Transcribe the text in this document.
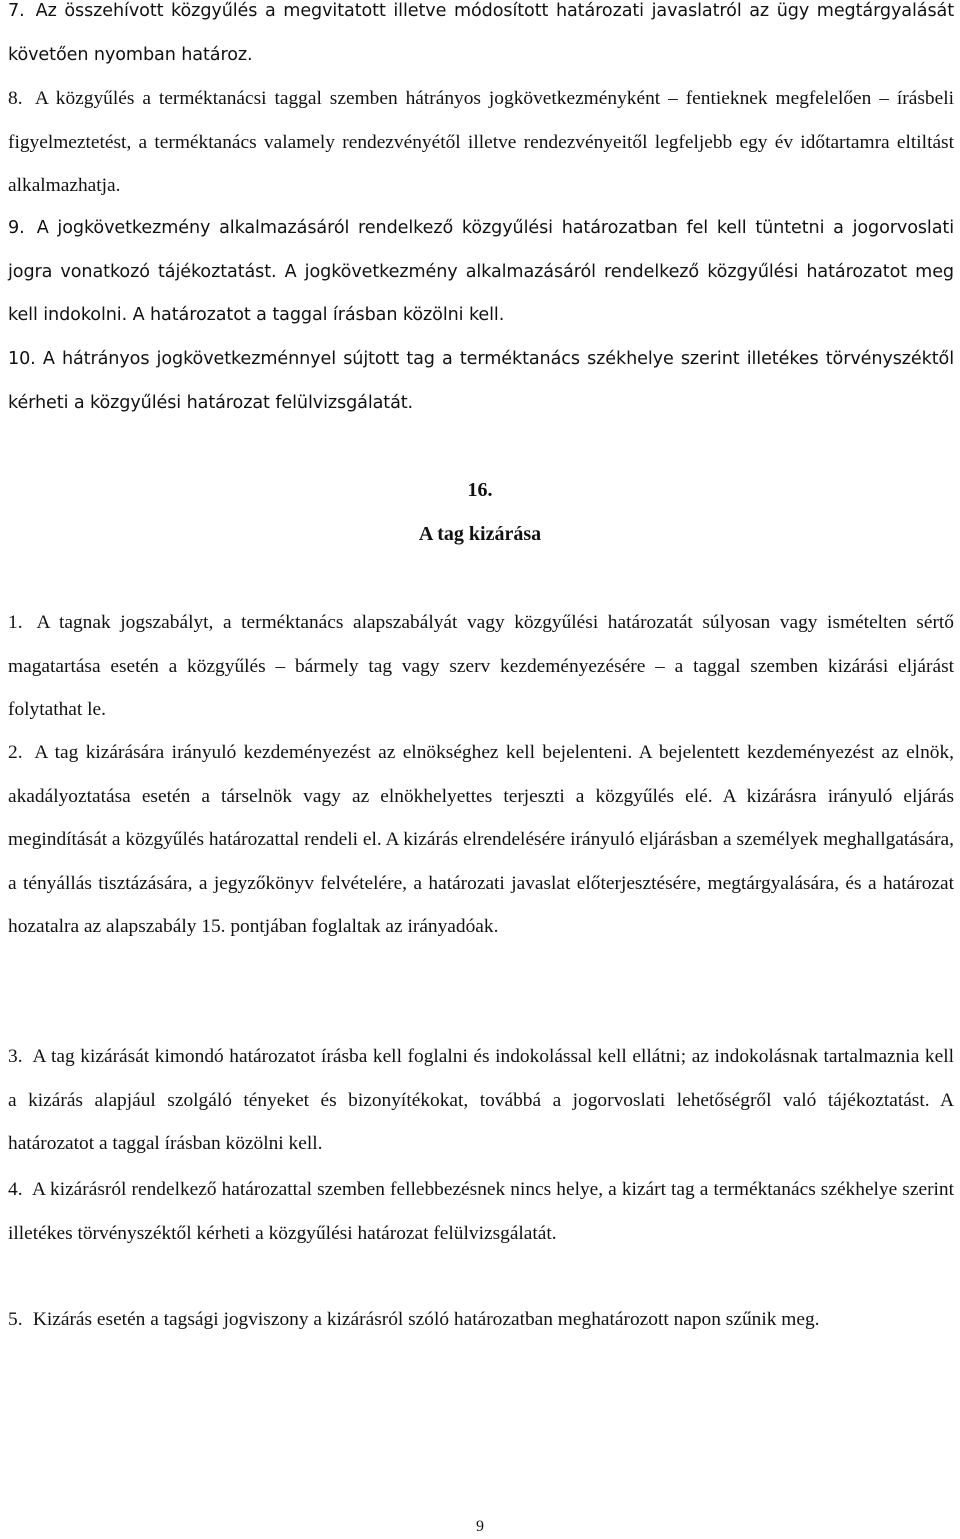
7. Az összehívott közgyűlés a megvitatott illetve módosított határozati javaslatról az ügy megtárgyalását követően nyomban határoz.

8. A közgyűlés a terméktanácsi taggal szemben hátrányos jogkövetkezményként – fentieknek megfelelően – írásbeli figyelmeztetést, a terméktanács valamely rendezvényétől illetve rendezvényeitől legfeljebb egy év időtartamra eltiltást alkalmazhatja.

9. A jogkövetkezmény alkalmazásáról rendelkező közgyűlési határozatban fel kell tüntetni a jogorvoslati jogra vonatkozó tájékoztatást. A jogkövetkezmény alkalmazásáról rendelkező közgyűlési határozatot meg kell indokolni. A határozatot a taggal írásban közölni kell.

10. A hátrányos jogkövetkezménnyel sújtott tag a terméktanács székhelye szerint illetékes törvényszéktől kérheti a közgyűlési határozat felülvizsgálatát.

16.
A tag kizárása

1. A tagnak jogszabályt, a terméktanács alapszabályát vagy közgyűlési határozatát súlyosan vagy ismételten sértő magatartása esetén a közgyűlés – bármely tag vagy szerv kezdeményezésére – a taggal szemben kizárási eljárást folytathat le.

2. A tag kizárására irányuló kezdeményezést az elnökséghez kell bejelenteni. A bejelentett kezdeményezést az elnök, akadályoztatása esetén a társelnök vagy az elnökhelyettes terjeszti a közgyűlés elé. A kizárásra irányuló eljárás megindítását a közgyűlés határozattal rendeli el. A kizárás elrendelésére irányuló eljárásban a személyek meghallgatására, a tényállás tisztázására, a jegyzőkönyv felvételére, a határozati javaslat előterjesztésére, megtárgyalására, és a határozat hozatalra az alapszabály 15. pontjában foglaltak az irányadóak.

3. A tag kizárását kimondó határozatot írásba kell foglalni és indokolással kell ellátni; az indokolásnak tartalmaznia kell a kizárás alapjául szolgáló tényeket és bizonyítékokat, továbbá a jogorvoslati lehetőségről való tájékoztatást. A határozatot a taggal írásban közölni kell.

4. A kizárásról rendelkező határozattal szemben fellebbezésnek nincs helye, a kizárt tag a terméktanács székhelye szerint illetékes törvényszéktől kérheti a közgyűlési határozat felülvizsgálatát.

5. Kizárás esetén a tagsági jogviszony a kizárásról szóló határozatban meghatározott napon szűnik meg.

9
